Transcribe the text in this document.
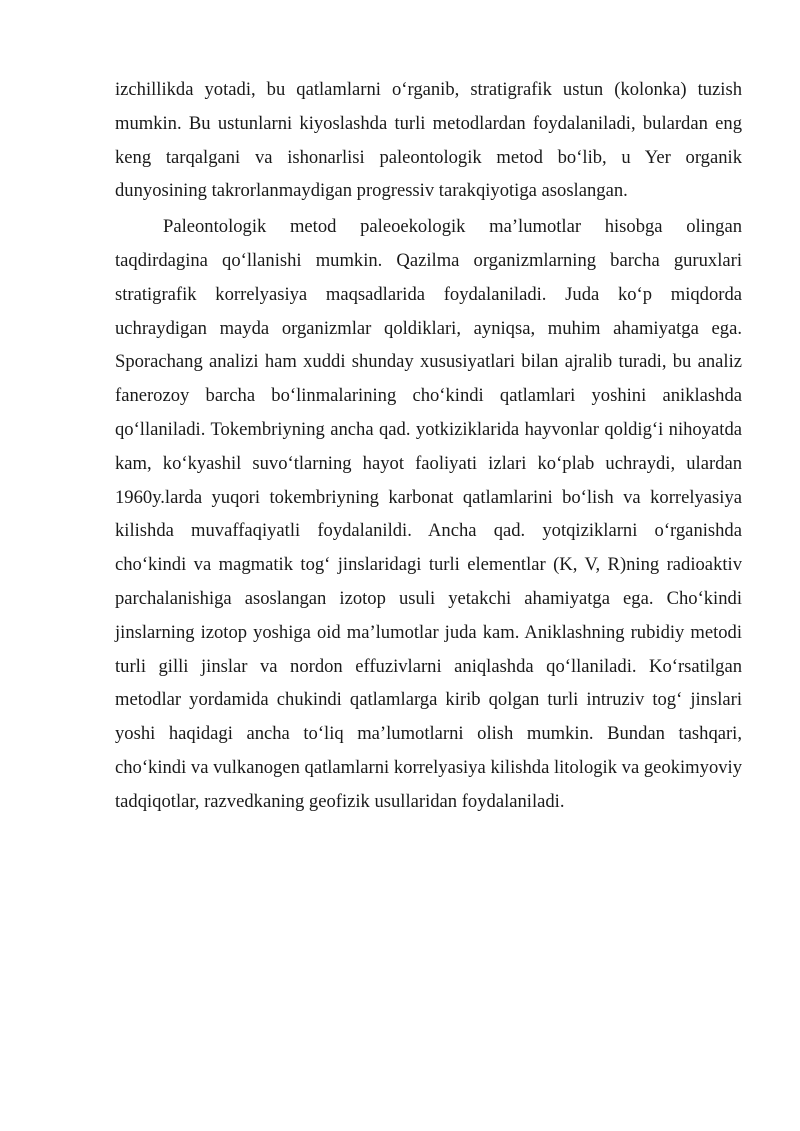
izchillikda yotadi, bu qatlamlarni o‘rganib, stratigrafik ustun (kolonka) tuzish mumkin. Bu ustunlarni kiyoslashda turli metodlardan foydalaniladi, bulardan eng keng tarqalgani va ishonarlisi paleontologik metod bo‘lib, u Yer organik dunyosining takrorlanmaydigan progressiv tarakqiyotiga asoslangan.

Paleontologik metod paleoekologik ma’lumotlar hisobga olingan taqdirdagina qo‘llanishi mumkin. Qazilma organizmlarning barcha guruxlari stratigrafik korrelyasiya maqsadlarida foydalaniladi. Juda ko‘p miqdorda uchraydigan mayda organizmlar qoldiklari, ayniqsa, muhim ahamiyatga ega. Sporachang analizi ham xuddi shunday xususiyatlari bilan ajralib turadi, bu analiz fanerozoy barcha bo‘linmalarining cho‘kindi qatlamlari yoshini aniklashda qo‘llaniladi. Tokembriyning ancha qad. yotkiziklarida hayvonlar qoldig‘i nihoyatda kam, ko‘kyashil suvo‘tlarning hayot faoliyati izlari ko‘plab uchraydi, ulardan 1960y.larda yuqori tokembriyning karbonat qatlamlarini bo‘lish va korrelyasiya kilishda muvaffaqiyatli foydalanildi. Ancha qad. yotqiziklarni o‘rganishda cho‘kindi va magmatik tog‘ jinslaridagi turli elementlar (K, V, R)ning radioaktiv parchalanishiga asoslangan izotop usuli yetakchi ahamiyatga ega. Cho‘kindi jinslarning izotop yoshiga oid ma’lumotlar juda kam. Aniklashning rubidiy metodi turli gilli jinslar va nordon effuzivlarni aniqlashda qo‘llaniladi. Ko‘rsatilgan metodlar yordamida chukindi qatlamlarga kirib qolgan turli intruziv tog‘ jinslari yoshi haqidagi ancha to‘liq ma’lumotlarni olish mumkin. Bundan tashqari, cho‘kindi va vulkanogen qatlamlarni korrelyasiya kilishda litologik va geokimyoviy tadqiqotlar, razvedkaning geofizik usullaridan foydalaniladi.
